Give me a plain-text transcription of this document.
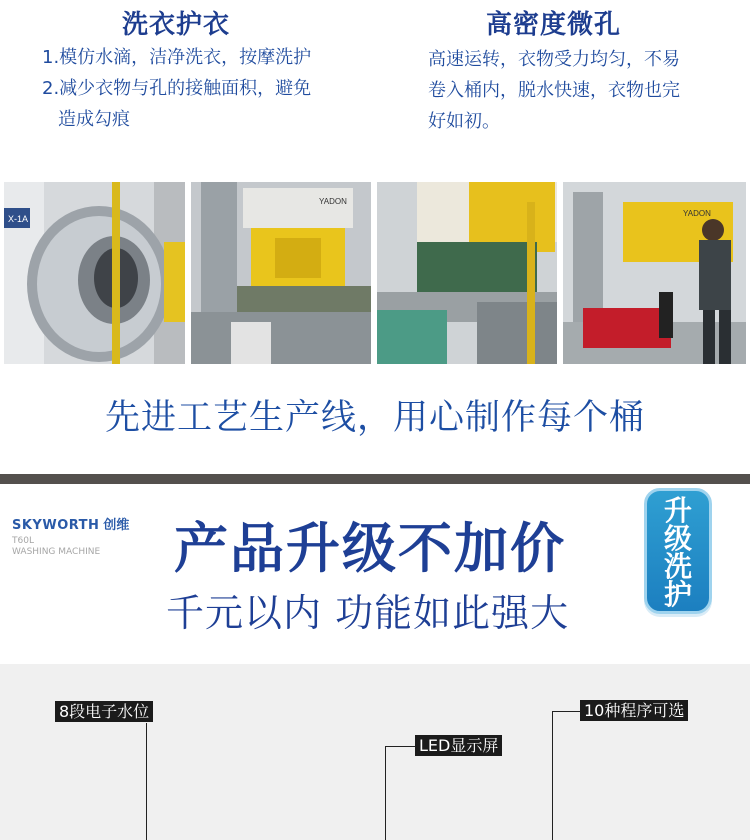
洗衣护衣
1.模仿水滴，洁净洗衣，按摩洗护
2.减少衣物与孔的接触面积，避免
造成勾痕
高密度微孔
高速运转，衣物受力均匀，不易
卷入桶内，脱水快速，衣物也完
好如初。
X-1A
YADON
YADON
先进工艺生产线，用心制作每个桶
SKYWORTH 创维
T60L
WASHING MACHINE	产品升级不加价
千元以内 功能如此强大
升
级
洗
护
8段电子水位
LED显示屏
10种程序可选
